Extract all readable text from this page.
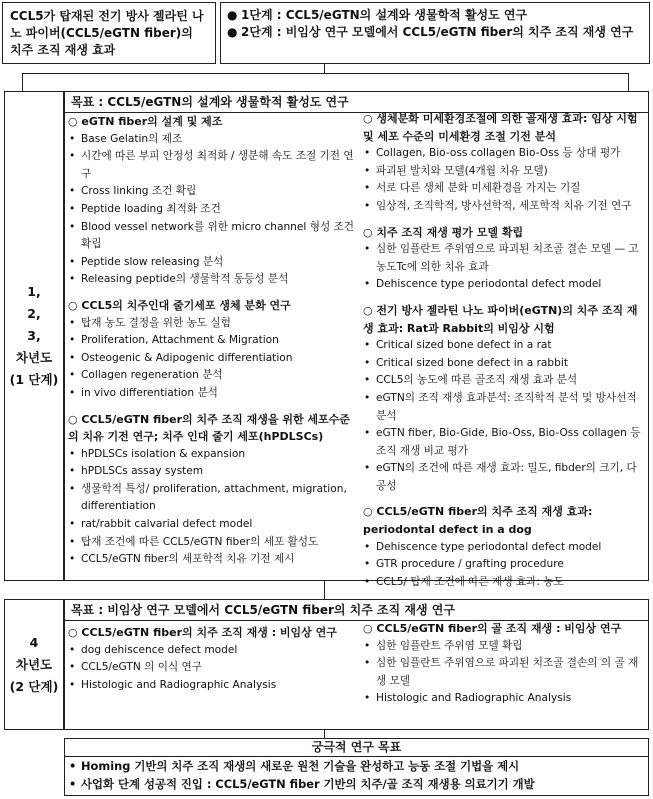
CCL5가 탑재된 전기 방사 젤라틴 나노 파이버(CCL5/eGTN fiber)의 치주 조직 재생 효과
● 1단계 : CCL5/eGTN의 설계와 생물학적 활성도 연구
● 2단계 : 비임상 연구 모델에서 CCL5/eGTN fiber의 치주 조직 재생 연구
1,
2,
3,
차년도
(1 단계)
목표 : CCL5/eGTN의 설계와 생물학적 활성도 연구
○ eGTN fiber의 설계 및 제조
• Base Gelatin의 제조
• 시간에 따른 부피 안정성 최적화 / 생분해 속도 조절 기전 연구
• Cross linking 조건 확립
• Peptide loading 최적화 조건
• Blood vessel network를 위한 micro channel 형성 조건 확립
• Peptide slow releasing 분석
• Releasing peptide의 생물학적 동등성 분석
○ CCL5의 치주인대 줄기세포 생체 분화 연구
• 탑재 농도 결정을 위한 농도 실험
• Proliferation, Attachment & Migration
• Osteogenic & Adipogenic differentiation
• Collagen regeneration 분석
• in vivo differentiation 분석
○ CCL5/eGTN fiber의 치주 조직 재생을 위한 세포수준의 치유 기전 연구; 치주 인대 줄기 세포(hPDLSCs)
• hPDLSCs isolation & expansion
• hPDLSCs assay system
• 생물학적 특성/ proliferation, attachment, migration, differentiation
• rat/rabbit calvarial defect model
• 탑재 조건에 따른 CCL5/eGTN fiber의 세포 활성도
• CCL5/eGTN fiber의 세포학적 치유 기전 제시
○ 생체분화 미세환경조절에 의한 골재생 효과: 임상 시험 및 세포 수준의 미세환경 조절 기전 분석
• Collagen, Bio-oss collagen Bio-Oss 등 상대 평가
• 파괴된 발치와 모델(4개월 치유 모델)
• 서로 다른 생체 분화 미세환경을 가지는 기질
• 임상적, 조직학적, 방사선학적, 세포학적 치유 기전 연구
○ 치주 조직 재생 평가 모델 확립
• 심한 임플란트 주위염으로 파괴된 치조골 결손 모델 — 고농도Tc에 의한 치유 효과
• Dehiscence type periodontal defect model
○ 전기 방사 젤라틴 나노 파이버(eGTN)의 치주 조직 재생 효과: Rat과 Rabbit의 비임상 시험
• Critical sized bone defect in a rat
• Critical sized bone defect in a rabbit
• CCL5의 농도에 따른 골조직 재생 효과 분석
• eGTN의 조직 재생 효과분석: 조직학적 분석 및 방사선적 분석
• eGTN fiber, Bio-Gide, Bio-Oss, Bio-Oss collagen 등 조직 재생 비교 평가
• eGTN의 조건에 따른 재생 효과: 밀도, fibder의 크기, 다공성
○ CCL5/eGTN fiber의 치주 조직 재생 효과: periodontal defect in a dog
• Dehiscence type periodontal defect model
• GTR procedure / grafting procedure
• CCL5/ 탑재 조건에 따른 재생 효과: 농도
4
차년도
(2 단계)
목표 : 비임상 연구 모델에서 CCL5/eGTN fiber의 치주 조직 재생 연구
○ CCL5/eGTN fiber의 치주 조직 재생 : 비임상 연구
• dog dehiscence defect model
• CCL5/eGTN 의 이식 연구
• Histologic and Radiographic Analysis
○ CCL5/eGTN fiber의 골 조직 재생 : 비임상 연구
• 심한 임플란트 주위염 모델 확립
• 심한 임플란트 주위염으로 파괴된 치조골 결손의 의 골 재생 모델
• Histologic and Radiographic Analysis
궁극적 연구 목표
• Homing 기반의 치주 조직 재생의 새로운 원천 기술을 완성하고 능동 조절 기법을 제시
• 사업화 단계 성공적 진입 : CCL5/eGTN fiber 기반의 치주/골 조직 재생용 의료기기 개발
